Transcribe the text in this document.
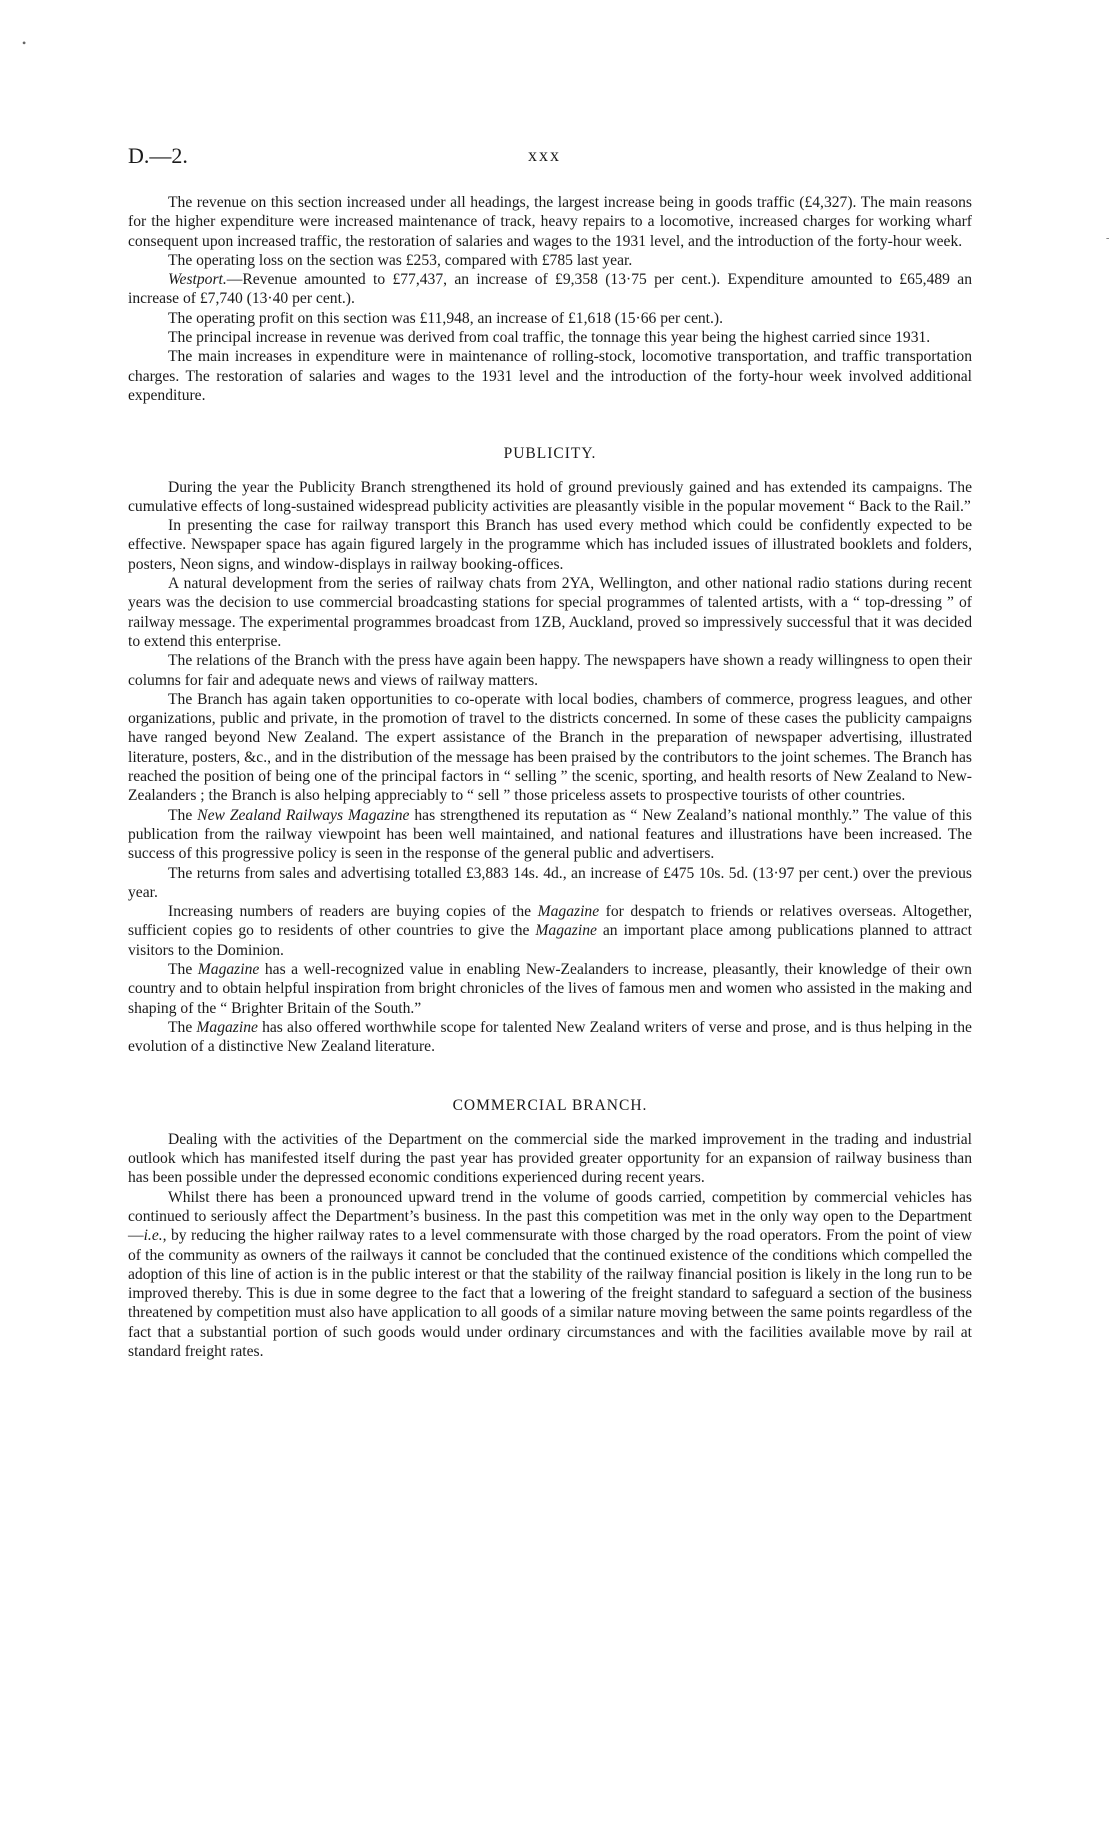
•
-
D.—2.	xxx

The revenue on this section increased under all headings, the largest increase being in goods traffic (£4,327). The main reasons for the higher expenditure were increased maintenance of track, heavy repairs to a locomotive, increased charges for working wharf consequent upon increased traffic, the restoration of salaries and wages to the 1931 level, and the introduction of the forty-hour week.

The operating loss on the section was £253, compared with £785 last year.

Westport.—Revenue amounted to £77,437, an increase of £9,358 (13·75 per cent.). Expenditure amounted to £65,489 an increase of £7,740 (13·40 per cent.).

The operating profit on this section was £11,948, an increase of £1,618 (15·66 per cent.).

The principal increase in revenue was derived from coal traffic, the tonnage this year being the highest carried since 1931.

The main increases in expenditure were in maintenance of rolling-stock, locomotive transportation, and traffic transportation charges. The restoration of salaries and wages to the 1931 level and the introduction of the forty-hour week involved additional expenditure.

PUBLICITY.

During the year the Publicity Branch strengthened its hold of ground previously gained and has extended its campaigns. The cumulative effects of long-sustained widespread publicity activities are pleasantly visible in the popular movement “ Back to the Rail.”

In presenting the case for railway transport this Branch has used every method which could be confidently expected to be effective. Newspaper space has again figured largely in the programme which has included issues of illustrated booklets and folders, posters, Neon signs, and window-displays in railway booking-offices.

A natural development from the series of railway chats from 2YA, Wellington, and other national radio stations during recent years was the decision to use commercial broadcasting stations for special programmes of talented artists, with a “ top-dressing ” of railway message. The experimental programmes broadcast from 1ZB, Auckland, proved so impressively successful that it was decided to extend this enterprise.

The relations of the Branch with the press have again been happy. The newspapers have shown a ready willingness to open their columns for fair and adequate news and views of railway matters.

The Branch has again taken opportunities to co-operate with local bodies, chambers of commerce, progress leagues, and other organizations, public and private, in the promotion of travel to the districts concerned. In some of these cases the publicity campaigns have ranged beyond New Zealand. The expert assistance of the Branch in the preparation of newspaper advertising, illustrated literature, posters, &c., and in the distribution of the message has been praised by the contributors to the joint schemes. The Branch has reached the position of being one of the principal factors in “ selling ” the scenic, sporting, and health resorts of New Zealand to New-Zealanders ; the Branch is also helping appreciably to “ sell ” those priceless assets to prospective tourists of other countries.

The New Zealand Railways Magazine has strengthened its reputation as “ New Zealand’s national monthly.” The value of this publication from the railway viewpoint has been well maintained, and national features and illustrations have been increased. The success of this progressive policy is seen in the response of the general public and advertisers.

The returns from sales and advertising totalled £3,883 14s. 4d., an increase of £475 10s. 5d. (13·97 per cent.) over the previous year.

Increasing numbers of readers are buying copies of the Magazine for despatch to friends or relatives overseas. Altogether, sufficient copies go to residents of other countries to give the Magazine an important place among publications planned to attract visitors to the Dominion.

The Magazine has a well-recognized value in enabling New-Zealanders to increase, pleasantly, their knowledge of their own country and to obtain helpful inspiration from bright chronicles of the lives of famous men and women who assisted in the making and shaping of the “ Brighter Britain of the South.”

The Magazine has also offered worthwhile scope for talented New Zealand writers of verse and prose, and is thus helping in the evolution of a distinctive New Zealand literature.

COMMERCIAL BRANCH.

Dealing with the activities of the Department on the commercial side the marked improvement in the trading and industrial outlook which has manifested itself during the past year has provided greater opportunity for an expansion of railway business than has been possible under the depressed economic conditions experienced during recent years.

Whilst there has been a pronounced upward trend in the volume of goods carried, competition by commercial vehicles has continued to seriously affect the Department’s business. In the past this competition was met in the only way open to the Department—i.e., by reducing the higher railway rates to a level commensurate with those charged by the road operators. From the point of view of the community as owners of the railways it cannot be concluded that the continued existence of the conditions which compelled the adoption of this line of action is in the public interest or that the stability of the railway financial position is likely in the long run to be improved thereby. This is due in some degree to the fact that a lowering of the freight standard to safeguard a section of the business threatened by competition must also have application to all goods of a similar nature moving between the same points regardless of the fact that a substantial portion of such goods would under ordinary circumstances and with the facilities available move by rail at standard freight rates.
